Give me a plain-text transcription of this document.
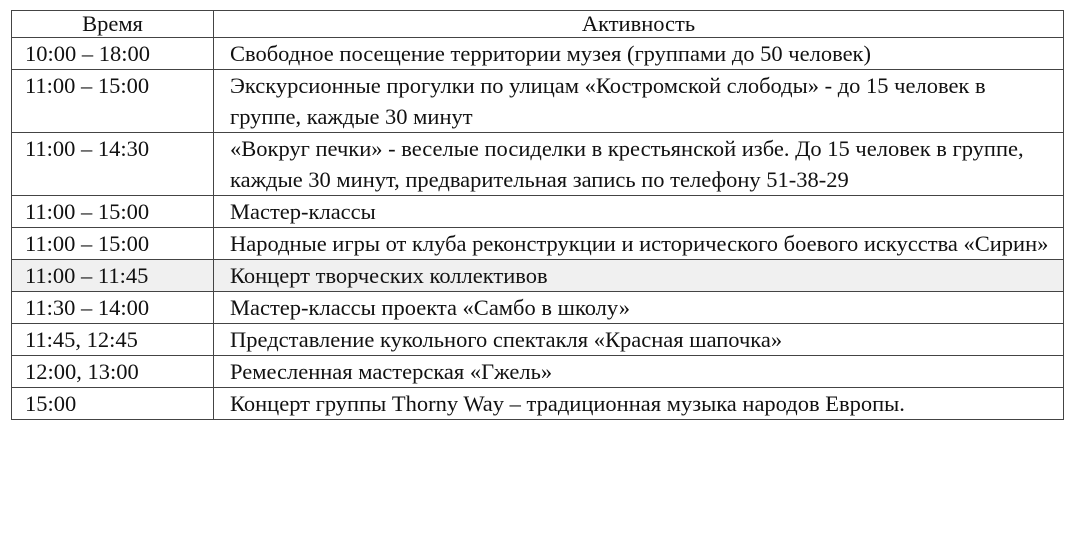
Время	Активность
10:00 – 18:00	Свободное посещение территории музея (группами до 50 человек)
11:00 – 15:00	Экскурсионные прогулки по улицам «Костромской слободы» - до 15 человек в группе, каждые 30 минут
11:00 – 14:30	«Вокруг печки» - веселые посиделки в крестьянской избе. До 15 человек в группе, каждые 30 минут, предварительная запись по телефону 51-38-29
11:00 – 15:00	Мастер-классы
11:00 – 15:00	Народные игры от клуба реконструкции и исторического боевого искусства «Сирин»
11:00 – 11:45	Концерт творческих коллективов
11:30 – 14:00	Мастер-классы проекта «Самбо в школу»
11:45, 12:45	Представление кукольного спектакля «Красная шапочка»
12:00, 13:00	Ремесленная мастерская «Гжель»
15:00	Концерт группы Thorny Way – традиционная музыка народов Европы.
